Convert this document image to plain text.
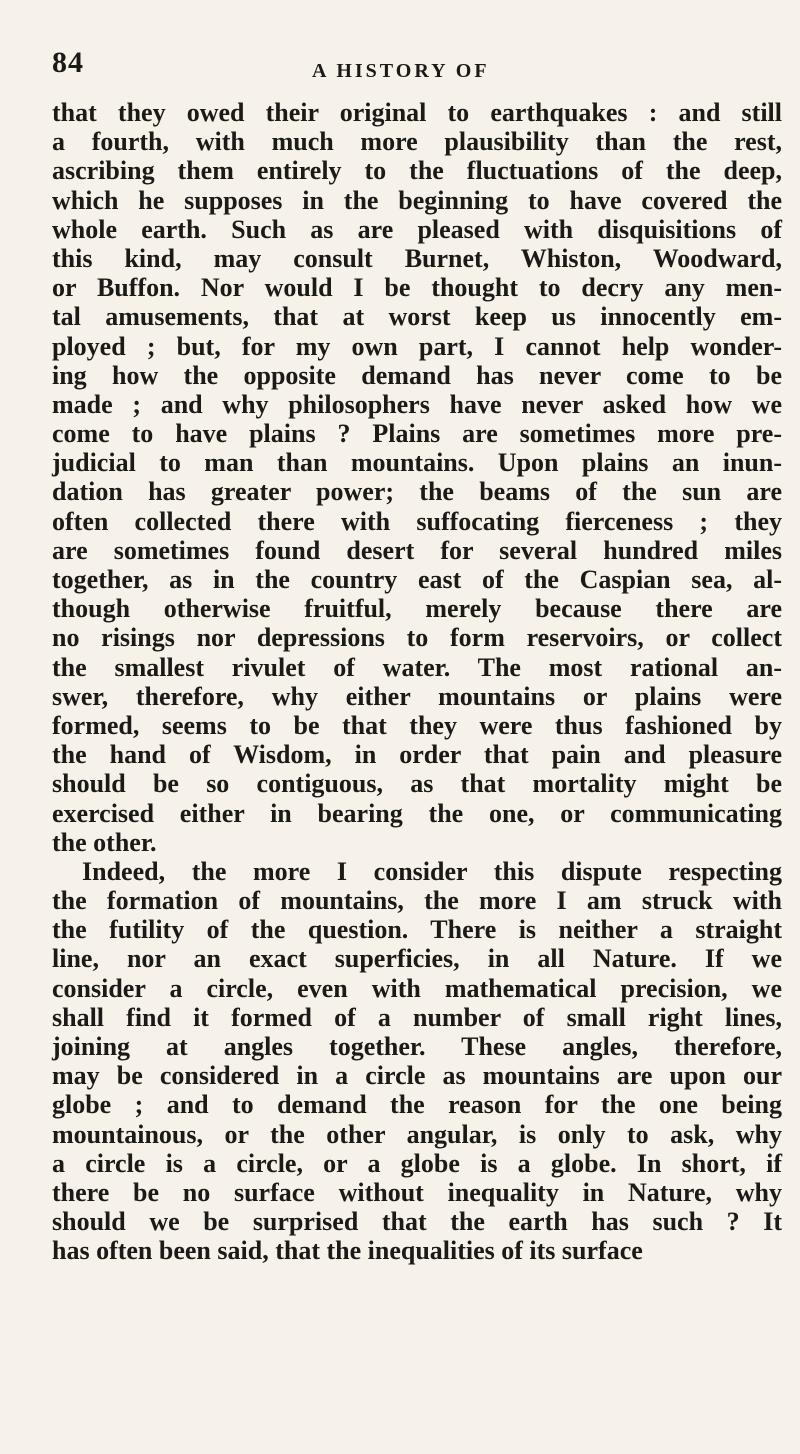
84	A HISTORY OF
that they owed their original to earthquakes : and still
a fourth, with much more plausibility than the rest,
ascribing them entirely to the fluctuations of the deep,
which he supposes in the beginning to have covered the
whole earth. Such as are pleased with disquisitions of
this kind, may consult Burnet, Whiston, Woodward,
or Buffon. Nor would I be thought to decry any men-
tal amusements, that at worst keep us innocently em-
ployed ; but, for my own part, I cannot help wonder-
ing how the opposite demand has never come to be
made ; and why philosophers have never asked how we
come to have plains ? Plains are sometimes more pre-
judicial to man than mountains. Upon plains an inun-
dation has greater power; the beams of the sun are
often collected there with suffocating fierceness ; they
are sometimes found desert for several hundred miles
together, as in the country east of the Caspian sea, al-
though otherwise fruitful, merely because there are
no risings nor depressions to form reservoirs, or collect
the smallest rivulet of water. The most rational an-
swer, therefore, why either mountains or plains were
formed, seems to be that they were thus fashioned by
the hand of Wisdom, in order that pain and pleasure
should be so contiguous, as that mortality might be
exercised either in bearing the one, or communicating
the other.
Indeed, the more I consider this dispute respecting
the formation of mountains, the more I am struck with
the futility of the question. There is neither a straight
line, nor an exact superficies, in all Nature. If we
consider a circle, even with mathematical precision, we
shall find it formed of a number of small right lines,
joining at angles together. These angles, therefore,
may be considered in a circle as mountains are upon our
globe ; and to demand the reason for the one being
mountainous, or the other angular, is only to ask, why
a circle is a circle, or a globe is a globe. In short, if
there be no surface without inequality in Nature, why
should we be surprised that the earth has such ? It
has often been said, that the inequalities of its surface
